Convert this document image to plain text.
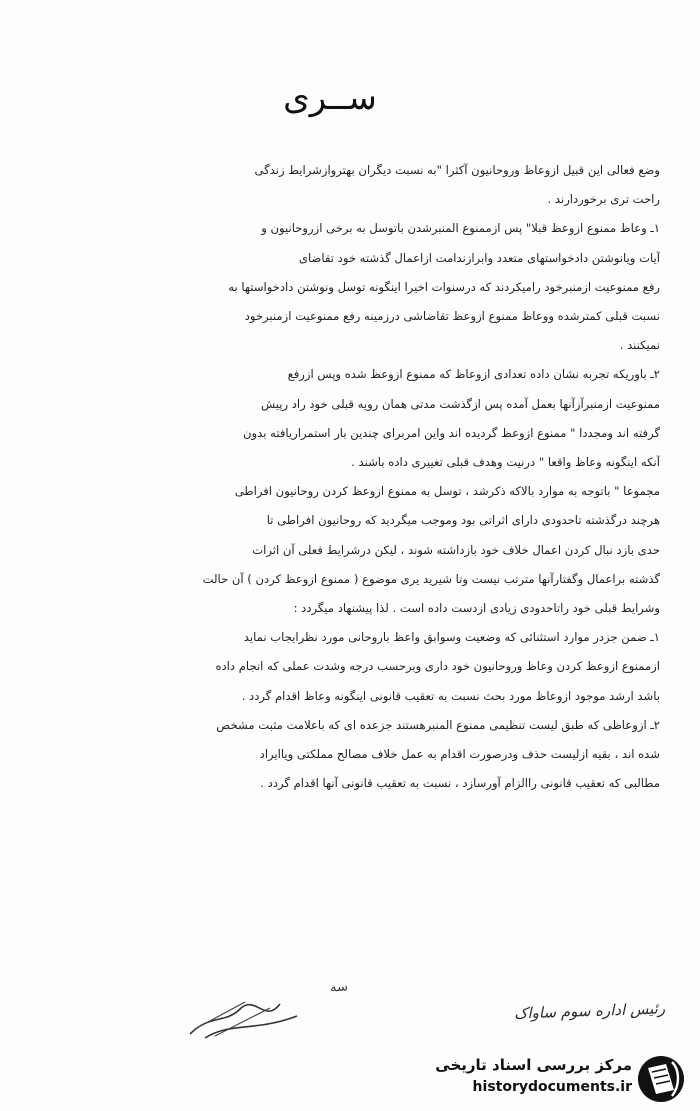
ســری
وضع فعالی این قبیل ازوعاظ وروحانیون آکثرا "به نسبت دیگران بهتروازشرایط زندگی
راحت تری برخوردارند .
۱ـ وعاظ ممنوع ازوعظ قبلا" پس ازممنوع المنبرشدن باتوسل به برخی ازروحانیون و
آیات ویانوشتن دادخواستهای متعدد وابرازندامت ازاعمال گذشته خود تقاضای
رفع ممنوعیت ازمنبرخود رامیکردند که درسنوات اخیرا اینگونه توسل ونوشتن دادخواستها به
نسبت قبلی کمترشده ووعاظ ممنوع ازوعظ تقاضاشی درزمینه رفع ممنوعیت ازمنبرخود
نمیکنند .
۲ـ باوریکه تجربه نشان داده تعدادی ازوعاظ که ممنوع ازوعظ شده وپس ازرفع
ممنوعیت ازمنبرآزآنها بعمل آمده پس ازگذشت مدتی همان رویه قبلی خود راد رپیش
گرفته اند ومجددا " ممنوع ازوعظ گردیده اند واین امربرای چندین بار استمراریافته بدون
آنکه اینگونه وعاظ واقعا " درنیت وهدف قبلی تغییری داده باشند .
مجموعا " باتوجه به موارد بالاکه ذکرشد ، توسل به ممنوع ازوعظ کردن روحانیون افراطی
هرچند درگذشته تاحدودی دارای اثراتی بود وموجب میگردید که روحانیون افراطی تا
حدی بازد نبال کردن اعمال خلاف خود بازداشته شوند ، لیکن درشرایط فعلی آن اثرات
گذشته براعمال وگفتارآنها مترتب نیست وتا شیرید یری موضوع ( ممنوع ازوعظ کردن ) آن حالت
وشرایط قبلی خود راتاحدودی زیادی ازدست داده است . لذا پیشنهاد میگردد :
۱ـ ضمن جزدر موارد استثنائی که وضعیت وسوابق واعظ باروحانی مورد نظرایجاب نماید
ازممنوع ازوعظ کردن وعاظ وروحانیون خود داری وبرحسب درجه وشدت عملی که انجام داده
باشد ارشد موجود ازوعاظ مورد بحث نسبت به تعقیب قانونی اینگونه وعاظ اقدام گردد .
۲ـ ازوعاظی که طبق لیست تنظیمی ممنوع المنبرهستند جزعده ای که باعلامت مثبت مشخص
شده اند ، بقیه ازلیست حذف ودرصورت اقدام به عمل خلاف مصالح مملکتی ویاایراد
مطالبی که تعقیب قانونی راالزام آورسازد ، نسبت به تعقیب قانونی آنها اقدام گردد .
سه
رئیس اداره سوم ساواک
مرکز بررسی اسناد تاریخی
historydocuments.ir
